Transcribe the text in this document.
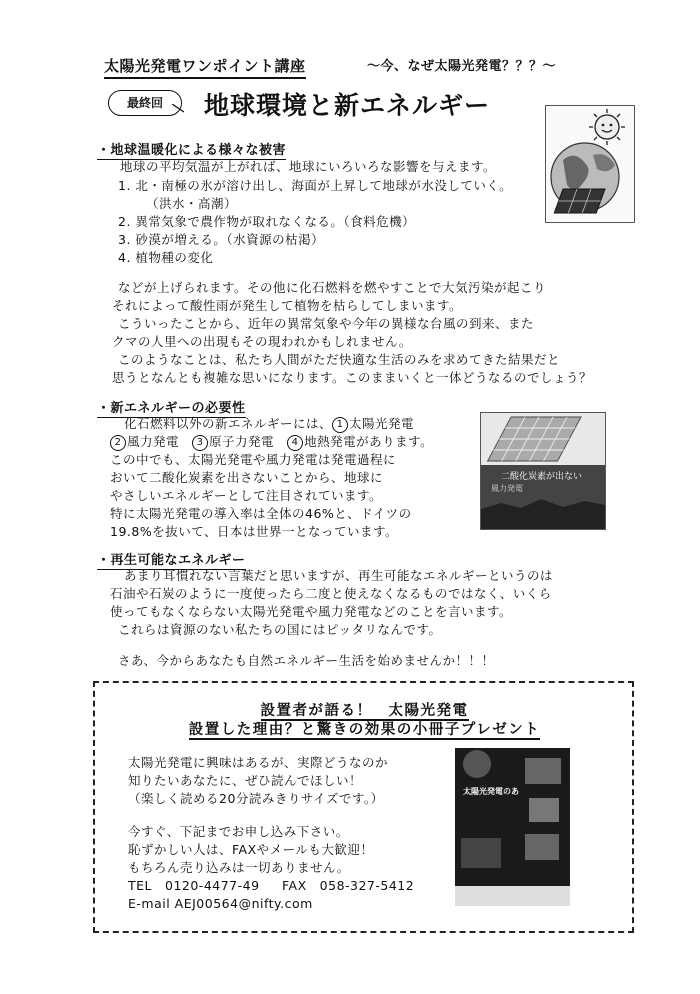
太陽光発電ワンポイント講座	～今、なぜ太陽光発電？？？～
最終回	地球環境と新エネルギー
・地球温暖化による様々な被害
地球の平均気温が上がれば、地球にいろいろな影響を与えます。
1. 北・南極の氷が溶け出し、海面が上昇して地球が水没していく。
（洪水・高潮）
2. 異常気象で農作物が取れなくなる。（食料危機）
3. 砂漠が増える。（水資源の枯渇）
4. 植物種の変化
などが上げられます。その他に化石燃料を燃やすことで大気汚染が起こり
それによって酸性雨が発生して植物を枯らしてしまいます。
こういったことから、近年の異常気象や今年の異様な台風の到来、また
クマの人里への出現もその現われかもしれません。
このようなことは、私たち人間がただ快適な生活のみを求めてきた結果だと
思うとなんとも複雑な思いになります。このままいくと一体どうなるのでしょう？
・新エネルギーの必要性
化石燃料以外の新エネルギーには、 1 太陽光発電
2 風力発電　 3 原子力発電　 4 地熱発電があります。
この中でも、太陽光発電や風力発電は発電過程に
おいて二酸化炭素を出さないことから、地球に
やさしいエネルギーとして注目されています。
特に太陽光発電の導入率は全体の46%と、ドイツの
19.8%を抜いて、日本は世界一となっています。
二酸化炭素が出ない
風力発電
・再生可能なエネルギー
あまり耳慣れない言葉だと思いますが、再生可能なエネルギーというのは
石油や石炭のように一度使ったら二度と使えなくなるものではなく、いくら
使ってもなくならない太陽光発電や風力発電などのことを言います。
これらは資源のない私たちの国にはピッタリなんです。
さあ、今からあなたも自然エネルギー生活を始めませんか！！！
設置者が語る！　太陽光発電
設置した理由？と驚きの効果の小冊子プレゼント
太陽光発電に興味はあるが、実際どうなのか
知りたいあなたに、ぜひ読んでほしい！
（楽しく読める20分読みきりサイズです。）
今すぐ、下記までお申し込み下さい。
恥ずかしい人は、FAXやメールも大歓迎！
もちろん売り込みは一切ありません。
TEL　0120-4477-49 FAX　058-327-5412
E-mail AEJ00564@nifty.com
太陽光発電のあ
